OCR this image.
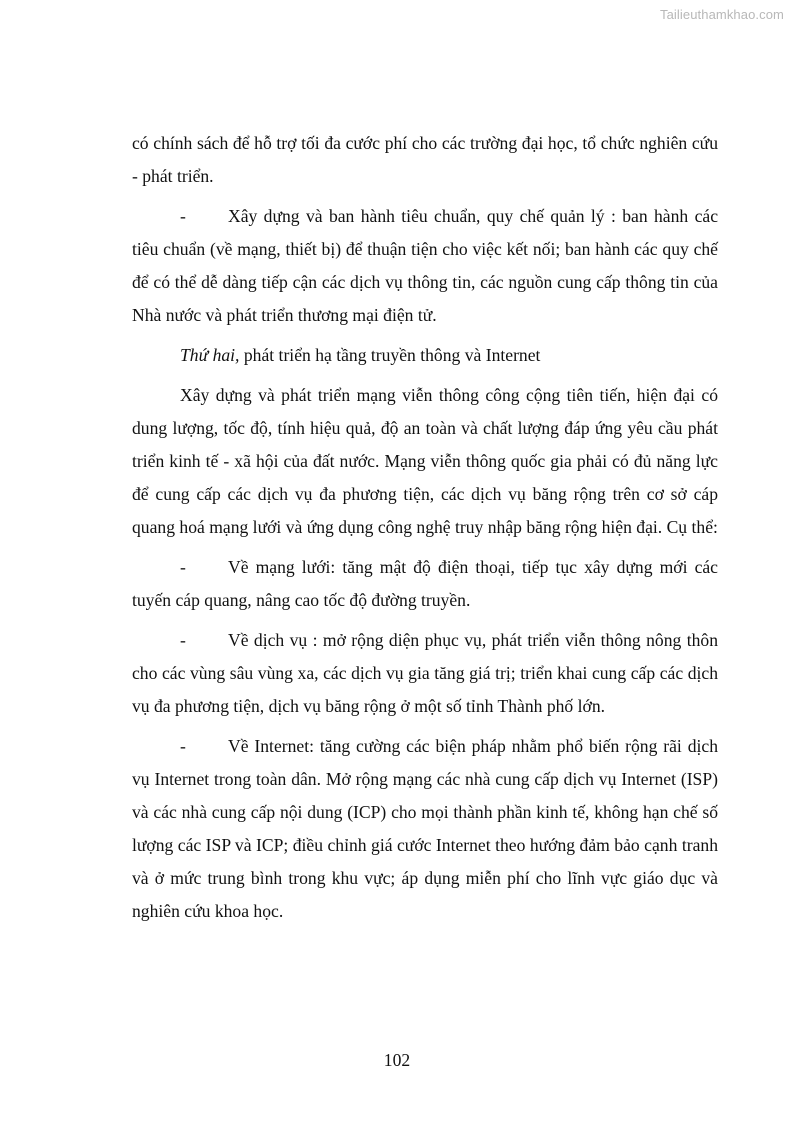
Tailieuthamkhao.com

có chính sách để hỗ trợ tối đa cước phí cho các trường đại học, tổ chức nghiên cứu - phát triển.

- Xây dựng và ban hành tiêu chuẩn, quy chế quản lý : ban hành các tiêu chuẩn (về mạng, thiết bị) để thuận tiện cho việc kết nối; ban hành các quy chế để có thể dễ dàng tiếp cận các dịch vụ thông tin, các nguồn cung cấp thông tin của Nhà nước và phát triển thương mại điện tử.

Thứ hai, phát triển hạ tầng truyền thông và Internet

Xây dựng và phát triển mạng viễn thông công cộng tiên tiến, hiện đại có dung lượng, tốc độ, tính hiệu quả, độ an toàn và chất lượng đáp ứng yêu cầu phát triển kinh tế - xã hội của đất nước. Mạng viễn thông quốc gia phải có đủ năng lực để cung cấp các dịch vụ đa phương tiện, các dịch vụ băng rộng trên cơ sở cáp quang hoá mạng lưới và ứng dụng công nghệ truy nhập băng rộng hiện đại. Cụ thể:

- Về mạng lưới: tăng mật độ điện thoại, tiếp tục xây dựng mới các tuyến cáp quang, nâng cao tốc độ đường truyền.

- Về dịch vụ : mở rộng diện phục vụ, phát triển viễn thông nông thôn cho các vùng sâu vùng xa, các dịch vụ gia tăng giá trị; triển khai cung cấp các dịch vụ đa phương tiện, dịch vụ băng rộng ở một số tỉnh Thành phố lớn.

- Về Internet: tăng cường các biện pháp nhằm phổ biến rộng rãi dịch vụ Internet trong toàn dân. Mở rộng mạng các nhà cung cấp dịch vụ Internet (ISP) và các nhà cung cấp nội dung (ICP) cho mọi thành phần kinh tế, không hạn chế số lượng các ISP và ICP; điều chỉnh giá cước Internet theo hướng đảm bảo cạnh tranh và ở mức trung bình trong khu vực; áp dụng miễn phí cho lĩnh vực giáo dục và nghiên cứu khoa học.

102
